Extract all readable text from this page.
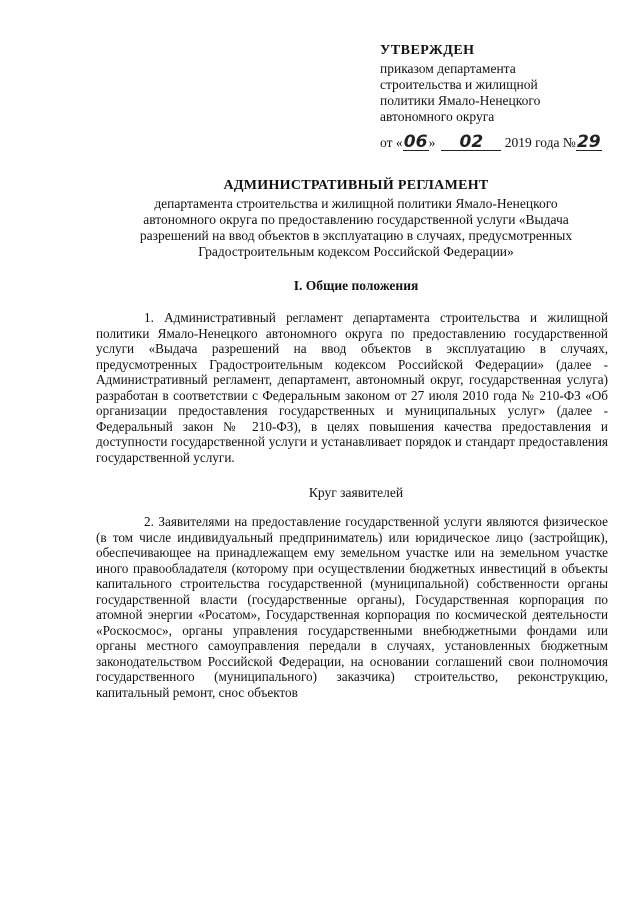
УТВЕРЖДЕН
приказом департамента
строительства и жилищной
политики Ямало-Ненецкого
автономного округа
от «06» 02 2019 года №29
АДМИНИСТРАТИВНЫЙ РЕГЛАМЕНТ
департамента строительства и жилищной политики Ямало-Ненецкого
автономного округа по предоставлению государственной услуги «Выдача
разрешений на ввод объектов в эксплуатацию в случаях, предусмотренных
Градостроительным кодексом Российской Федерации»
I. Общие положения
1. Административный регламент департамента строительства и жилищной политики Ямало-Ненецкого автономного округа по предоставлению государственной услуги «Выдача разрешений на ввод объектов в эксплуатацию в случаях, предусмотренных Градостроительным кодексом Российской Федерации» (далее - Административный регламент, департамент, автономный округ, государственная услуга) разработан в соответствии с Федеральным законом от 27 июля 2010 года № 210-ФЗ «Об организации предоставления государственных и муниципальных услуг» (далее - Федеральный закон № 210-ФЗ), в целях повышения качества предоставления и доступности государственной услуги и устанавливает порядок и стандарт предоставления государственной услуги.
Круг заявителей
2. Заявителями на предоставление государственной услуги являются физическое (в том числе индивидуальный предприниматель) или юридическое лицо (застройщик), обеспечивающее на принадлежащем ему земельном участке или на земельном участке иного правообладателя (которому при осуществлении бюджетных инвестиций в объекты капитального строительства государственной (муниципальной) собственности органы государственной власти (государственные органы), Государственная корпорация по атомной энергии «Росатом», Государственная корпорация по космической деятельности «Роскосмос», органы управления государственными внебюджетными фондами или органы местного самоуправления передали в случаях, установленных бюджетным законодательством Российской Федерации, на основании соглашений свои полномочия государственного (муниципального) заказчика) строительство, реконструкцию, капитальный ремонт, снос объектов
